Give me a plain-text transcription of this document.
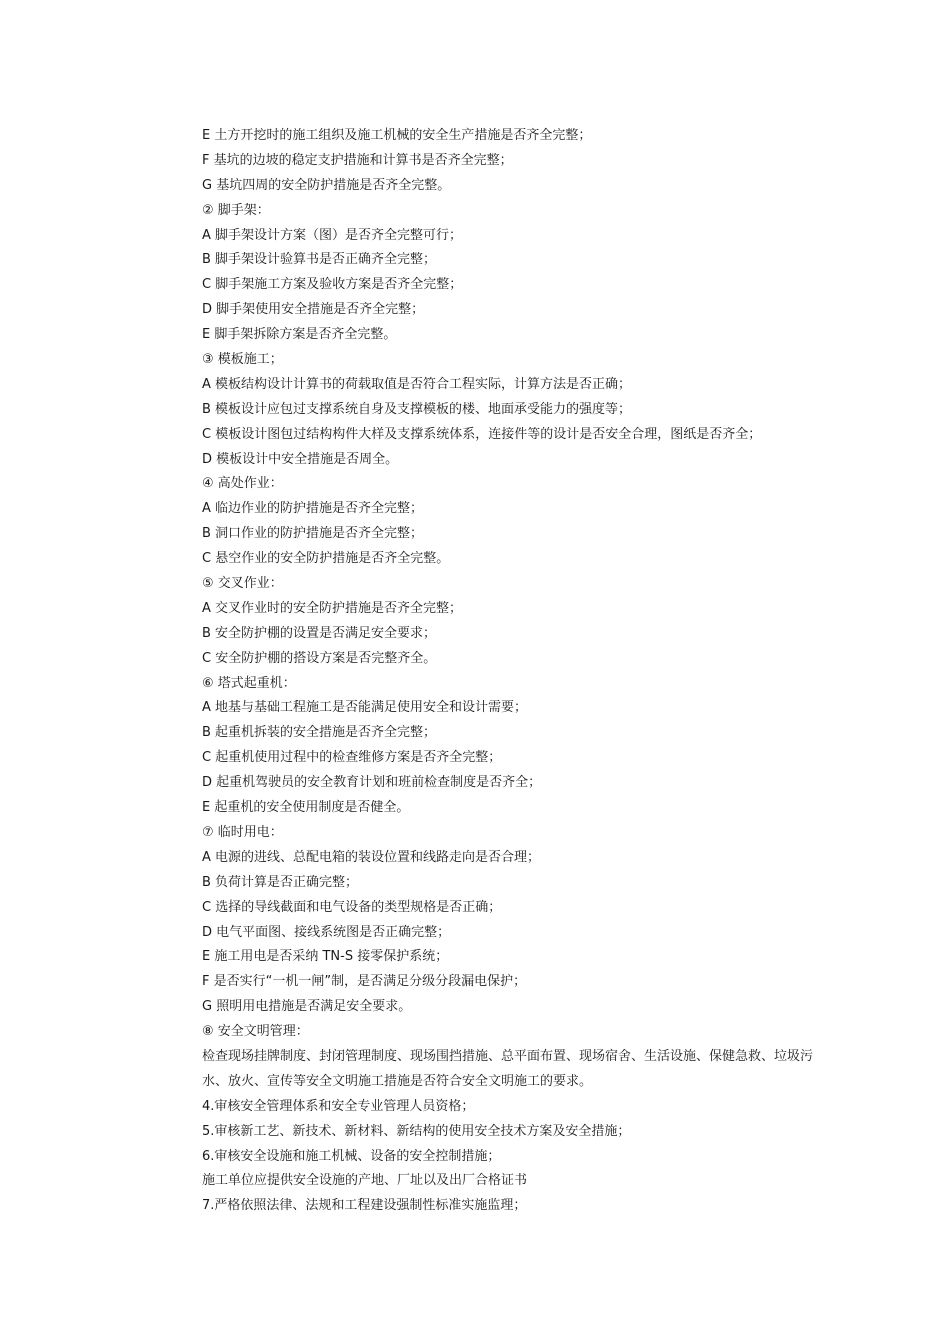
E 土方开挖时的施工组织及施工机械的安全生产措施是否齐全完整；

F 基坑的边坡的稳定支护措施和计算书是否齐全完整；

G 基坑四周的安全防护措施是否齐全完整。

② 脚手架：

A 脚手架设计方案（图）是否齐全完整可行；

B 脚手架设计验算书是否正确齐全完整；

C 脚手架施工方案及验收方案是否齐全完整；

D 脚手架使用安全措施是否齐全完整；

E 脚手架拆除方案是否齐全完整。

③ 模板施工；

A 模板结构设计计算书的荷载取值是否符合工程实际，计算方法是否正确；

B 模板设计应包过支撑系统自身及支撑模板的楼、地面承受能力的强度等；

C 模板设计图包过结构构件大样及支撑系统体系，连接件等的设计是否安全合理，图纸是否齐全；

D 模板设计中安全措施是否周全。

④ 高处作业：

A 临边作业的防护措施是否齐全完整；

B 洞口作业的防护措施是否齐全完整；

C 悬空作业的安全防护措施是否齐全完整。

⑤ 交叉作业：

A 交叉作业时的安全防护措施是否齐全完整；

B 安全防护棚的设置是否满足安全要求；

C 安全防护棚的搭设方案是否完整齐全。

⑥ 塔式起重机：

A 地基与基础工程施工是否能满足使用安全和设计需要；

B 起重机拆装的安全措施是否齐全完整；

C 起重机使用过程中的检查维修方案是否齐全完整；

D 起重机驾驶员的安全教育计划和班前检查制度是否齐全；

E 起重机的安全使用制度是否健全。

⑦ 临时用电：

A 电源的进线、总配电箱的装设位置和线路走向是否合理；

B 负荷计算是否正确完整；

C 选择的导线截面和电气设备的类型规格是否正确；

D 电气平面图、接线系统图是否正确完整；

E 施工用电是否采纳 TN-S 接零保护系统；

F 是否实行“一机一闸”制，是否满足分级分段漏电保护；

G 照明用电措施是否满足安全要求。

⑧ 安全文明管理：

检查现场挂牌制度、封闭管理制度、现场围挡措施、总平面布置、现场宿舍、生活设施、保健急救、垃圾污水、放火、宣传等安全文明施工措施是否符合安全文明施工的要求。

4.审核安全管理体系和安全专业管理人员资格；

5.审核新工艺、新技术、新材料、新结构的使用安全技术方案及安全措施；

6.审核安全设施和施工机械、设备的安全控制措施；

施工单位应提供安全设施的产地、厂址以及出厂合格证书

7.严格依照法律、法规和工程建设强制性标准实施监理；
